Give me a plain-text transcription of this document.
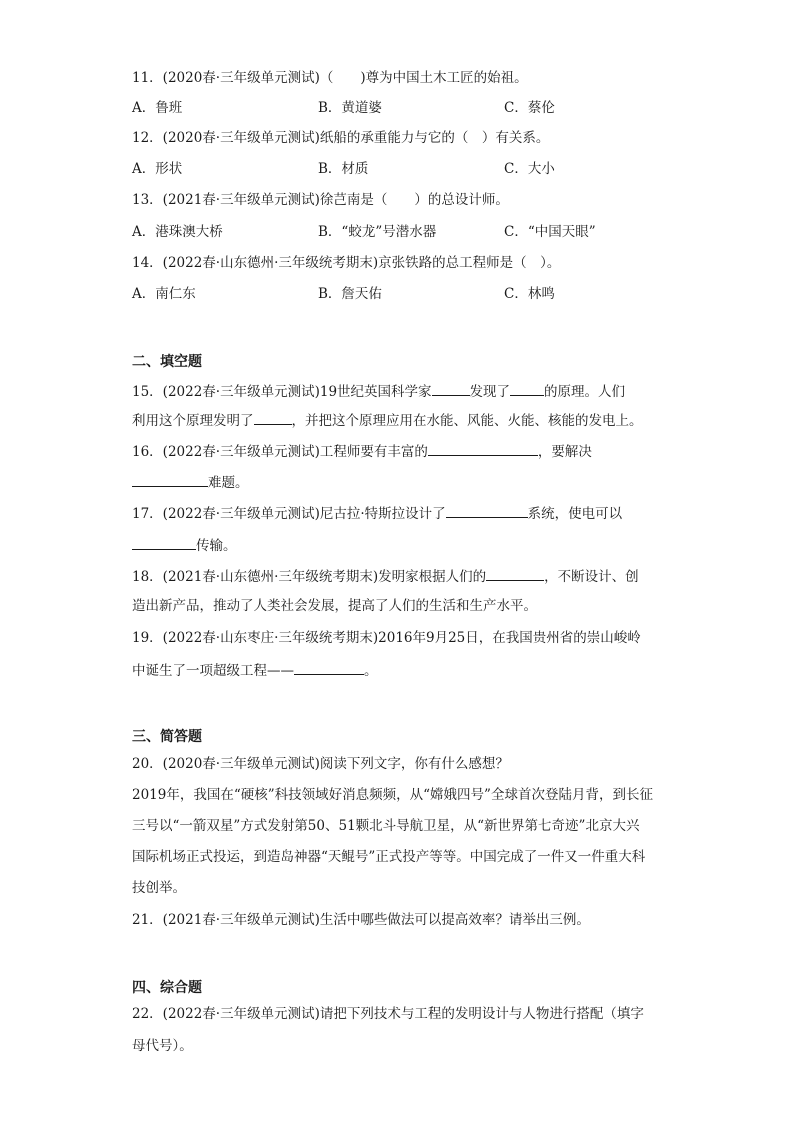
11．(2020春·三年级单元测试)（　　)尊为中国土木工匠的始祖。
A．鲁班	B．黄道婆	C．蔡伦
12．(2020春·三年级单元测试)纸船的承重能力与它的（　）有关系。
A．形状	B．材质	C．大小
13．(2021春·三年级单元测试)徐芑南是（　　）的总设计师。
A．港珠澳大桥	B．“蛟龙”号潜水器	C．“中国天眼”
14．(2022春·山东德州·三年级统考期末)京张铁路的总工程师是（　）。
A．南仁东	B．詹天佑	C．林鸣
二、填空题
15．(2022春·三年级单元测试)19世纪英国科学家	发现了	的原理。人们
利用这个原理发明了	，并把这个原理应用在水能、风能、火能、核能的发电上。
16．(2022春·三年级单元测试)工程师要有丰富的	，要解决
难题。
17．(2022春·三年级单元测试)尼古拉·特斯拉设计了	系统，使电可以
传输。
18．(2021春·山东德州·三年级统考期末)发明家根据人们的	，不断设计、创
造出新产品，推动了人类社会发展，提高了人们的生活和生产水平。
19．(2022春·山东枣庄·三年级统考期末)2016年9月25日，在我国贵州省的崇山峻岭
中诞生了一项超级工程——	。
三、简答题
20．(2020春·三年级单元测试)阅读下列文字，你有什么感想？
2019年，我国在“硬核”科技领域好消息频频，从“嫦娥四号”全球首次登陆月背，到长征
三号以“一箭双星”方式发射第50、51颗北斗导航卫星，从“新世界第七奇迹”北京大兴
国际机场正式投运，到造岛神器“天鲲号”正式投产等等。中国完成了一件又一件重大科
技创举。
21．(2021春·三年级单元测试)生活中哪些做法可以提高效率？请举出三例。
四、综合题
22．(2022春·三年级单元测试)请把下列技术与工程的发明设计与人物进行搭配（填字
母代号）。
